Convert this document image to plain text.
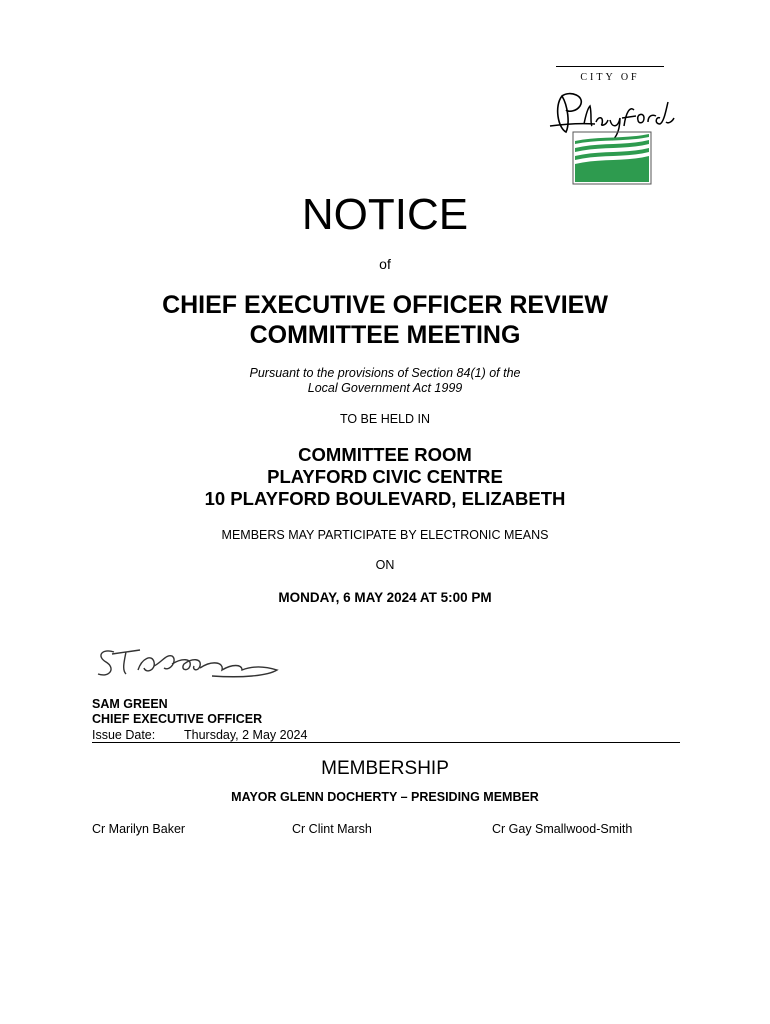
CITY OF
NOTICE
of
CHIEF EXECUTIVE OFFICER REVIEW
COMMITTEE MEETING
Pursuant to the provisions of Section 84(1) of the
Local Government Act 1999
TO BE HELD IN
COMMITTEE ROOM
PLAYFORD CIVIC CENTRE
10 PLAYFORD BOULEVARD, ELIZABETH
MEMBERS MAY PARTICIPATE BY ELECTRONIC MEANS
ON
MONDAY, 6 MAY 2024 AT 5:00 PM
SAM GREEN
CHIEF EXECUTIVE OFFICER
Issue Date: Thursday, 2 May 2024
MEMBERSHIP
MAYOR GLENN DOCHERTY – PRESIDING MEMBER
Cr Marilyn Baker	Cr Clint Marsh	Cr Gay Smallwood-Smith
